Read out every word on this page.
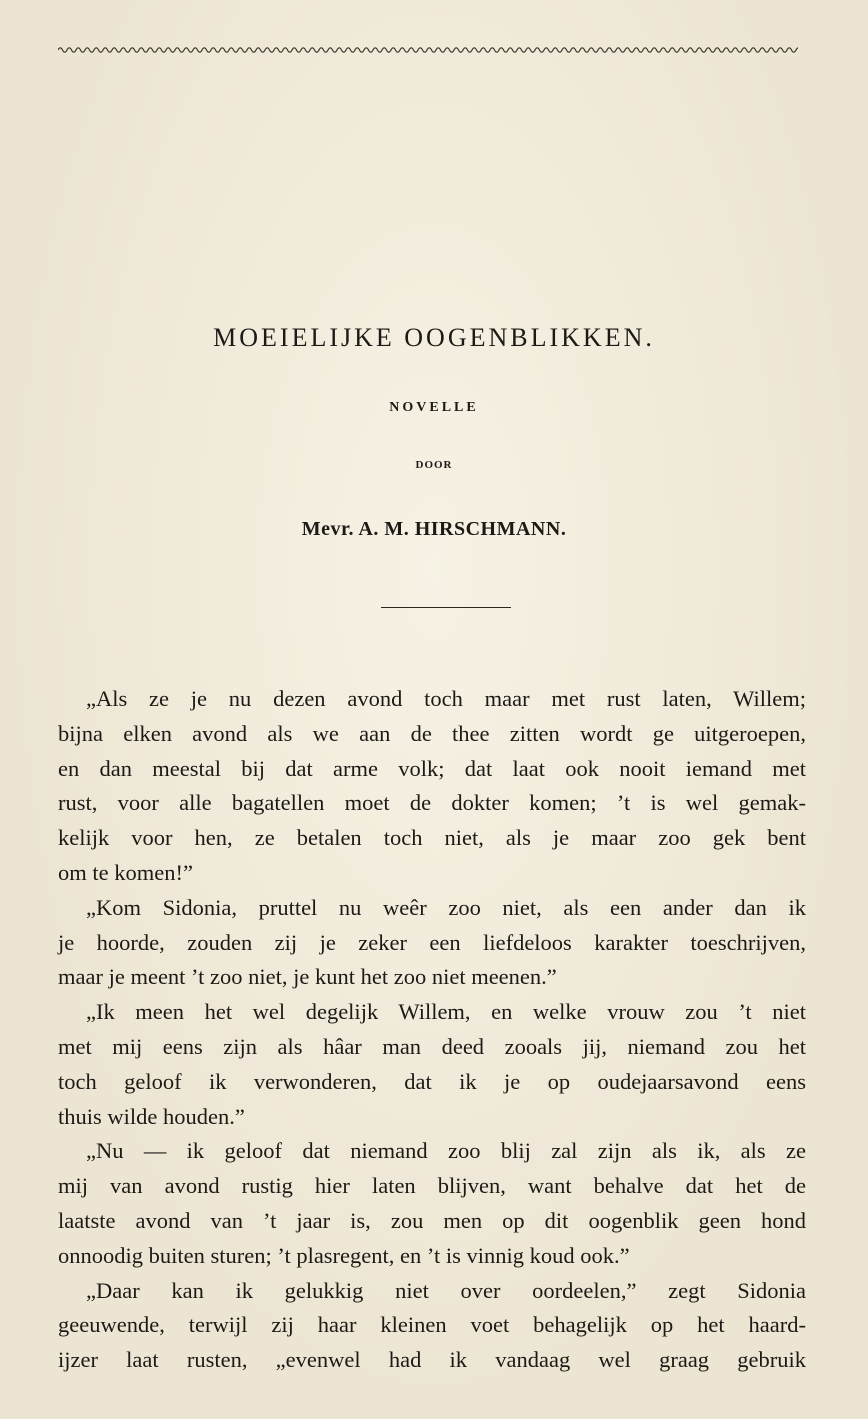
MOEIELIJKE OOGENBLIKKEN.
NOVELLE
DOOR
Mevr. A. M. HIRSCHMANN.
„Als ze je nu dezen avond toch maar met rust laten, Willem;
bijna elken avond als we aan de thee zitten wordt ge uitgeroepen,
en dan meestal bij dat arme volk; dat laat ook nooit iemand met
rust, voor alle bagatellen moet de dokter komen; ’t is wel gemak-
kelijk voor hen, ze betalen toch niet, als je maar zoo gek bent
om te komen!”
„Kom Sidonia, pruttel nu weêr zoo niet, als een ander dan ik
je hoorde, zouden zij je zeker een liefdeloos karakter toeschrijven,
maar je meent ’t zoo niet, je kunt het zoo niet meenen.”
„Ik meen het wel degelijk Willem, en welke vrouw zou ’t niet
met mij eens zijn als hâar man deed zooals jij, niemand zou het
toch geloof ik verwonderen, dat ik je op oudejaarsavond eens
thuis wilde houden.”
„Nu — ik geloof dat niemand zoo blij zal zijn als ik, als ze
mij van avond rustig hier laten blijven, want behalve dat het de
laatste avond van ’t jaar is, zou men op dit oogenblik geen hond
onnoodig buiten sturen; ’t plasregent, en ’t is vinnig koud ook.”
„Daar kan ik gelukkig niet over oordeelen,” zegt Sidonia
geeuwende, terwijl zij haar kleinen voet behagelijk op het haard-
ijzer laat rusten, „evenwel had ik vandaag wel graag gebruik
